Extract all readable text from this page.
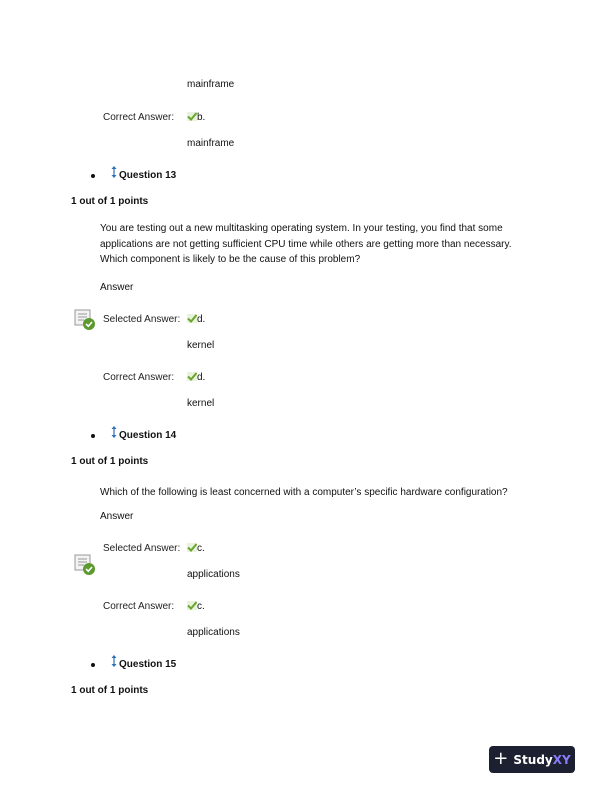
mainframe
Correct Answer: b.
mainframe
Question 13
1 out of 1 points
You are testing out a new multitasking operating system. In your testing, you find that some applications are not getting sufficient CPU time while others are getting more than necessary. Which component is likely to be the cause of this problem?
Answer
Selected Answer: d.
kernel
Correct Answer: d.
kernel
Question 14
1 out of 1 points
Which of the following is least concerned with a computer’s specific hardware configuration?
Answer
Selected Answer: c.
applications
Correct Answer: c.
applications
Question 15
1 out of 1 points
+ StudyXY
